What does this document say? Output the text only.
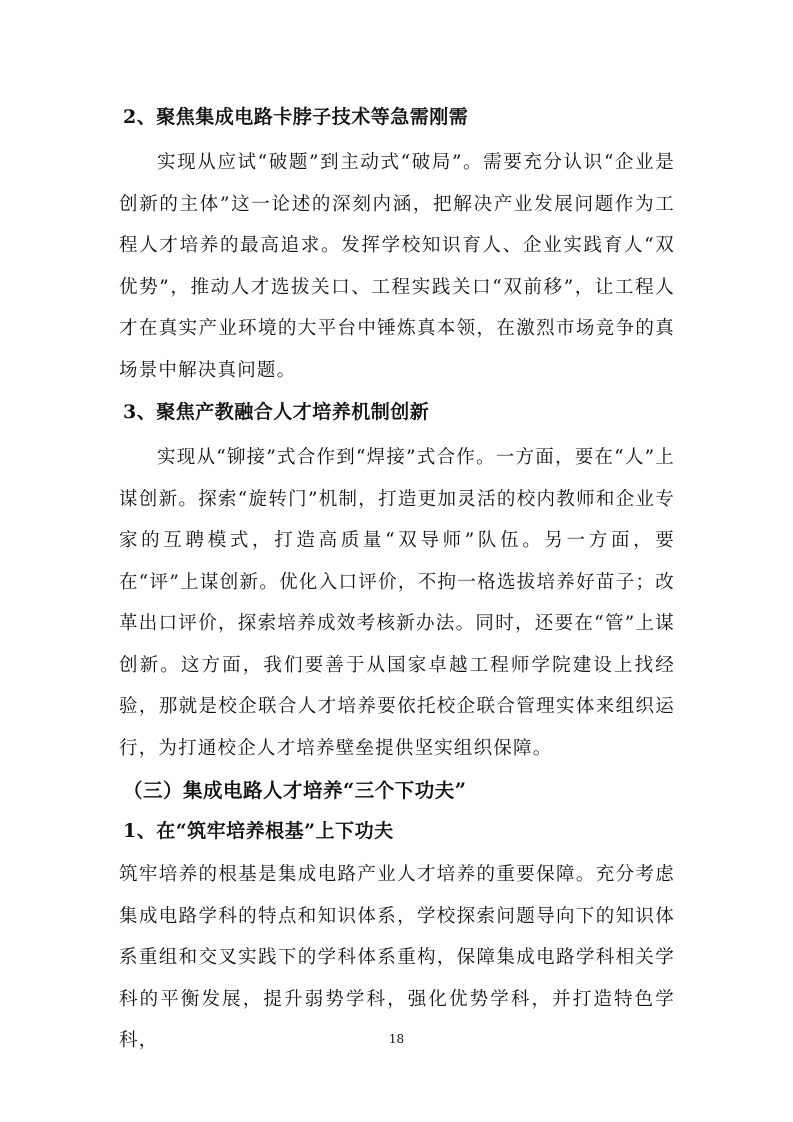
2、聚焦集成电路卡脖子技术等急需刚需

实现从应试“破题”到主动式“破局”。需要充分认识“企业是创新的主体”这一论述的深刻内涵，把解决产业发展问题作为工程人才培养的最高追求。发挥学校知识育人、企业实践育人“双优势”，推动人才选拔关口、工程实践关口“双前移”，让工程人才在真实产业环境的大平台中锤炼真本领，在激烈市场竞争的真场景中解决真问题。

3、聚焦产教融合人才培养机制创新

实现从“铆接”式合作到“焊接”式合作。一方面，要在“人”上谋创新。探索“旋转门”机制，打造更加灵活的校内教师和企业专家的互聘模式，打造高质量“双导师”队伍。另一方面，要在“评”上谋创新。优化入口评价，不拘一格选拔培养好苗子；改革出口评价，探索培养成效考核新办法。同时，还要在“管”上谋创新。这方面，我们要善于从国家卓越工程师学院建设上找经验，那就是校企联合人才培养要依托校企联合管理实体来组织运行，为打通校企人才培养壁垒提供坚实组织保障。

（三）集成电路人才培养“三个下功夫”
1、在“筑牢培养根基”上下功夫

筑牢培养的根基是集成电路产业人才培养的重要保障。充分考虑集成电路学科的特点和知识体系，学校探索问题导向下的知识体系重组和交叉实践下的学科体系重构，保障集成电路学科相关学科的平衡发展，提升弱势学科，强化优势学科，并打造特色学科，	18
